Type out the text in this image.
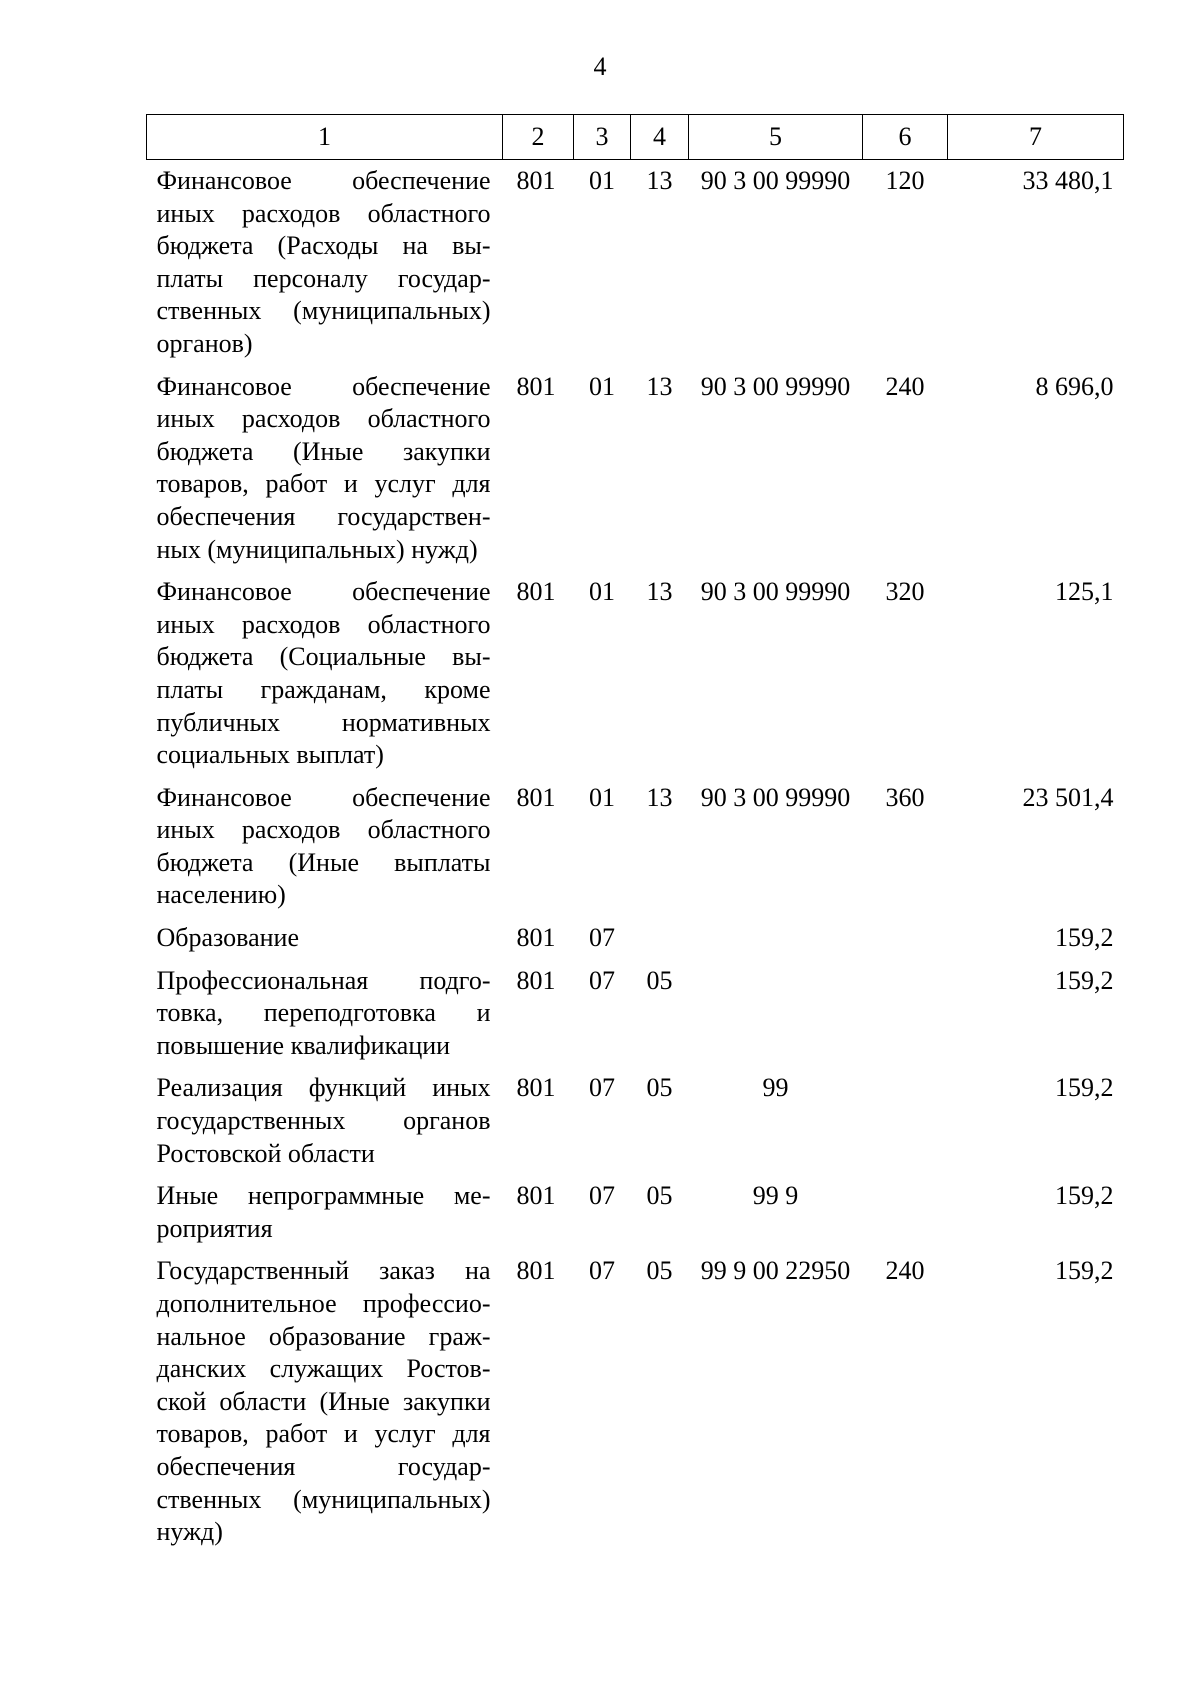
4
1	2	3	4	5	6	7
Финансовое обеспечение иных расходов областного бюджета (Расходы на выплаты персоналу государственных (муниципальных) органов)	801	01	13	90 3 00 99990	120	33 480,1
Финансовое обеспечение иных расходов областного бюджета (Иные закупки товаров, работ и услуг для обеспечения государственных (муниципальных) нужд)	801	01	13	90 3 00 99990	240	8 696,0
Финансовое обеспечение иных расходов областного бюджета (Социальные выплаты гражданам, кроме публичных нормативных социальных выплат)	801	01	13	90 3 00 99990	320	125,1
Финансовое обеспечение иных расходов областного бюджета (Иные выплаты населению)	801	01	13	90 3 00 99990	360	23 501,4
Образование	801	07				159,2
Профессиональная подготовка, переподготовка и повышение квалификации	801	07	05			159,2
Реализация функций иных государственных органов Ростовской области	801	07	05	99		159,2
Иные непрограммные мероприятия	801	07	05	99 9		159,2
Государственный заказ на дополнительное профессиональное образование гражданских служащих Ростовской области (Иные закупки товаров, работ и услуг для обеспечения государственных (муниципальных) нужд)	801	07	05	99 9 00 22950	240	159,2
